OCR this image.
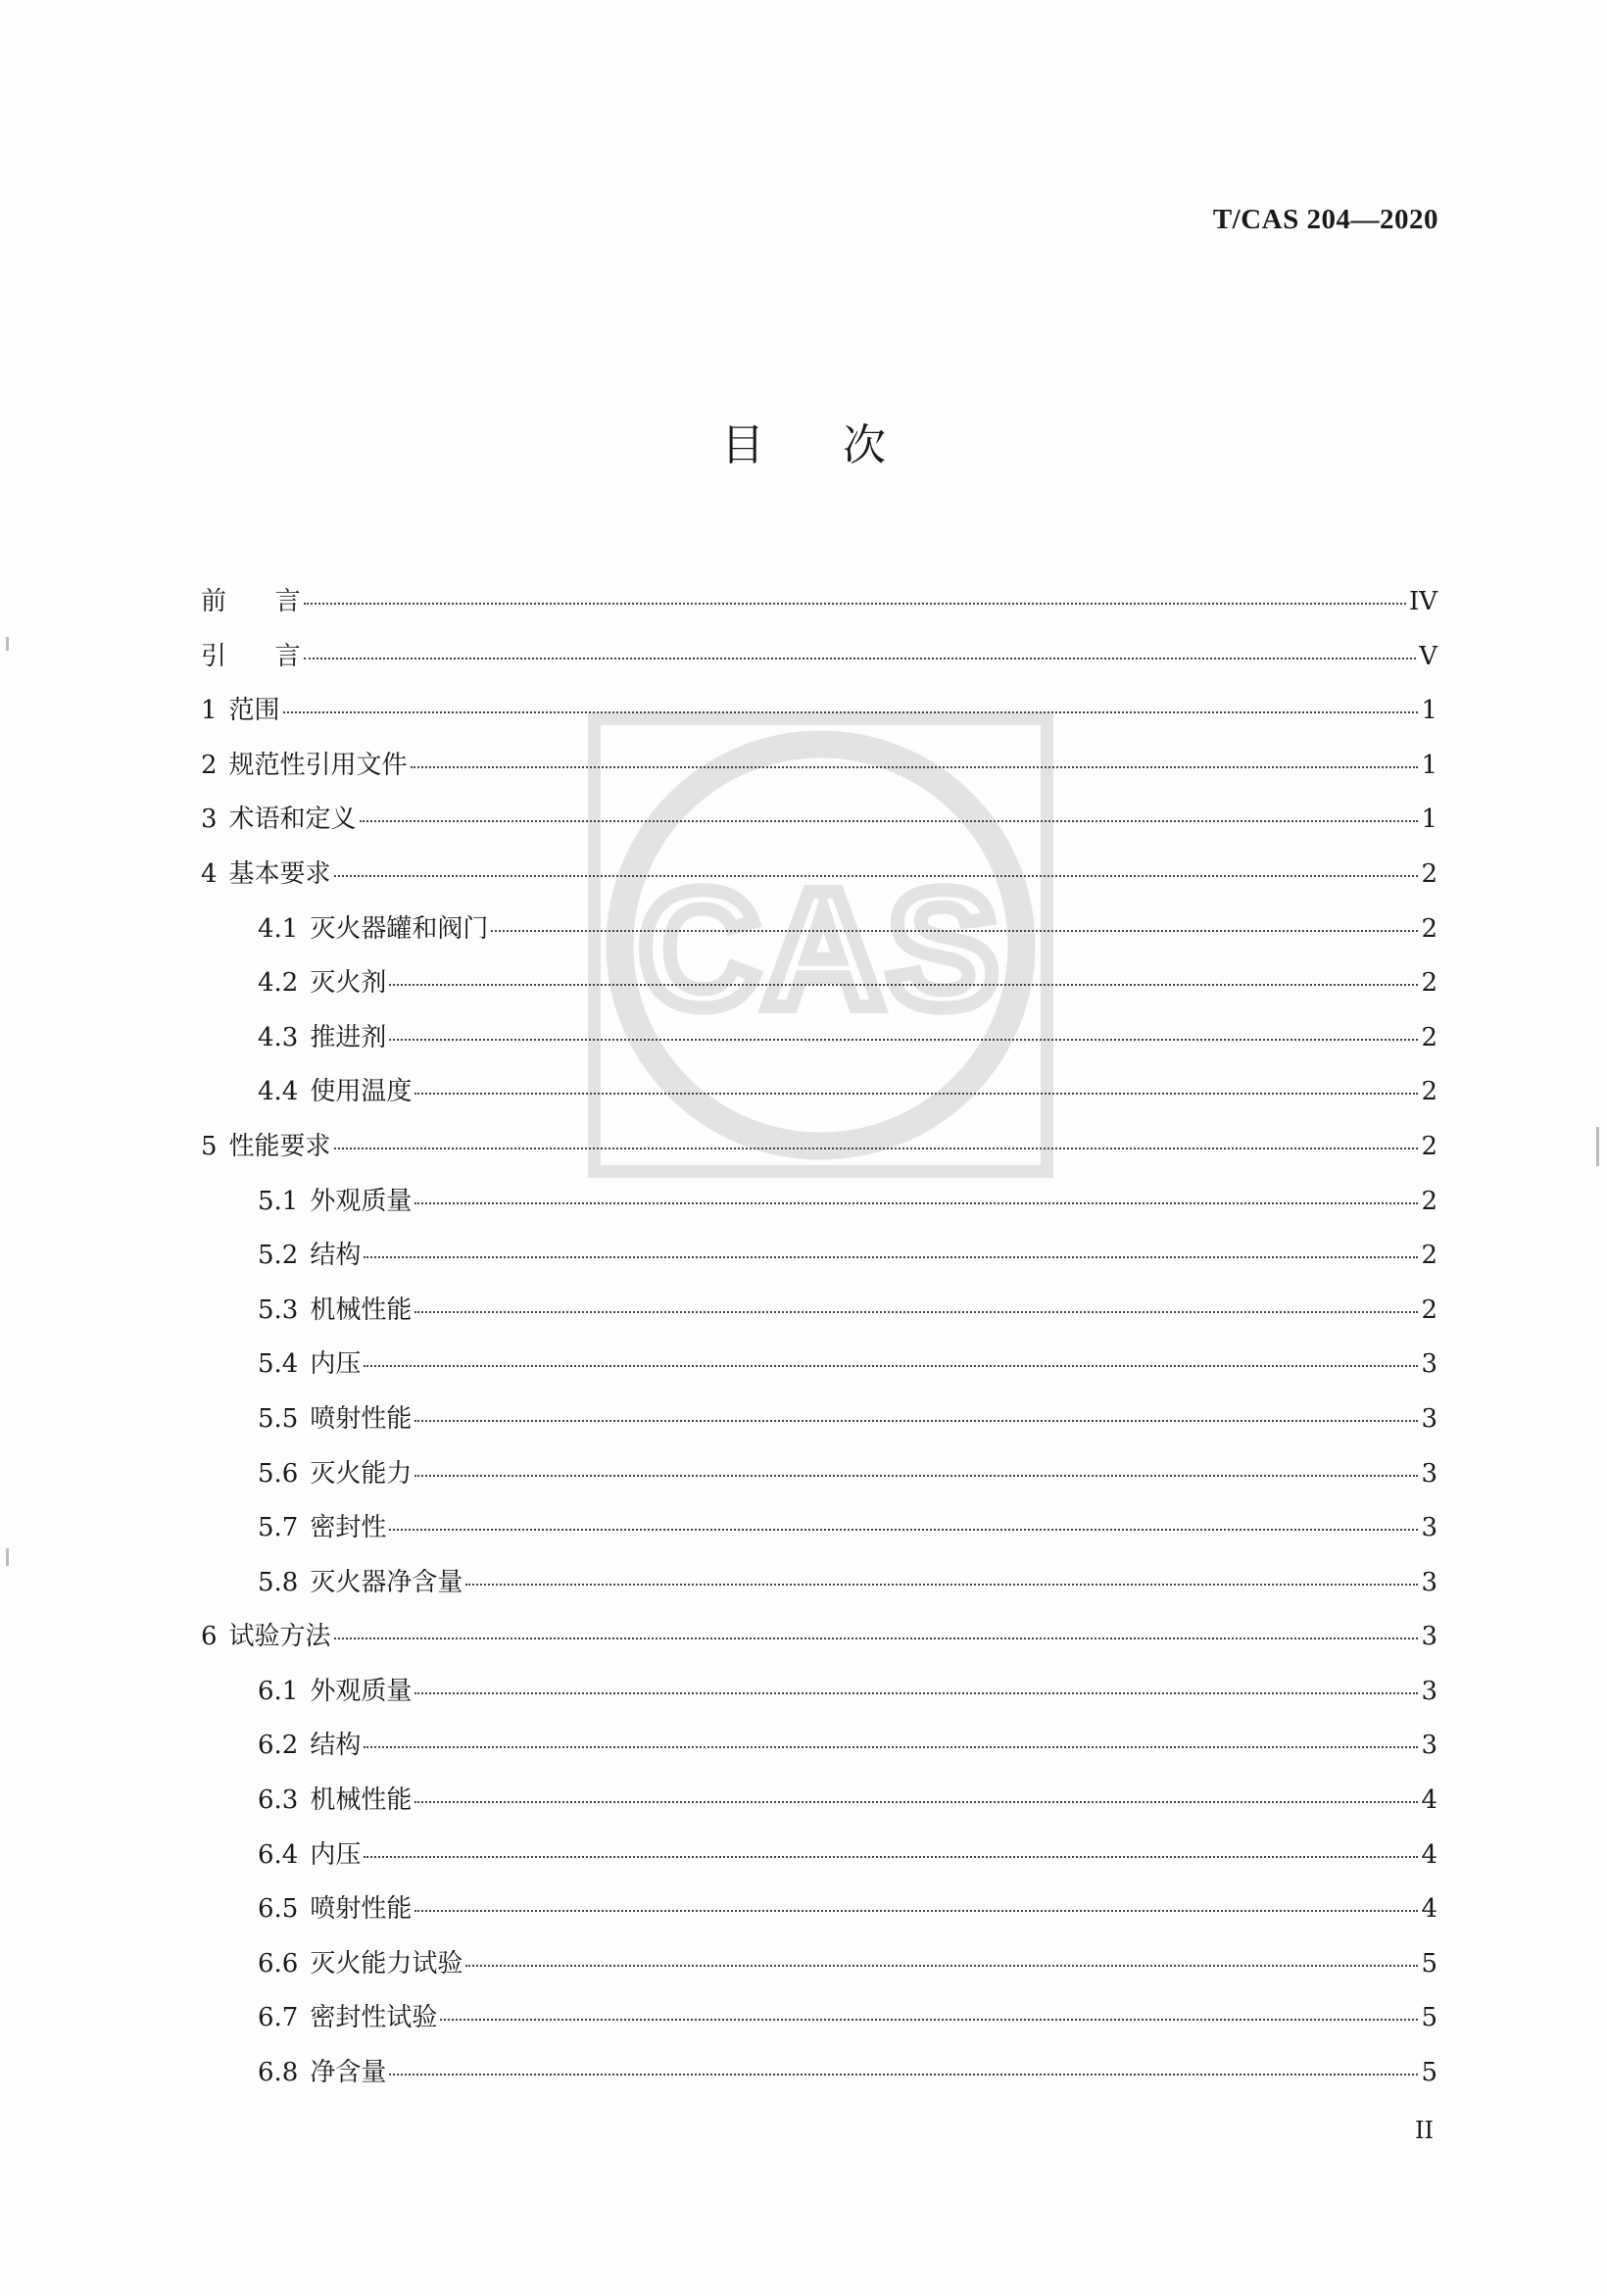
T/CAS 204—2020
目次
CAS
前      言	IV
引      言	V
1 范围	1
2 规范性引用文件	1
3 术语和定义	1
4 基本要求	2
4.1 灭火器罐和阀门	2
4.2 灭火剂	2
4.3 推进剂	2
4.4 使用温度	2
5 性能要求	2
5.1 外观质量	2
5.2 结构	2
5.3 机械性能	2
5.4 内压	3
5.5 喷射性能	3
5.6 灭火能力	3
5.7 密封性	3
5.8 灭火器净含量	3
6 试验方法	3
6.1 外观质量	3
6.2 结构	3
6.3 机械性能	4
6.4 内压	4
6.5 喷射性能	4
6.6 灭火能力试验	5
6.7 密封性试验	5
6.8 净含量	5
II
